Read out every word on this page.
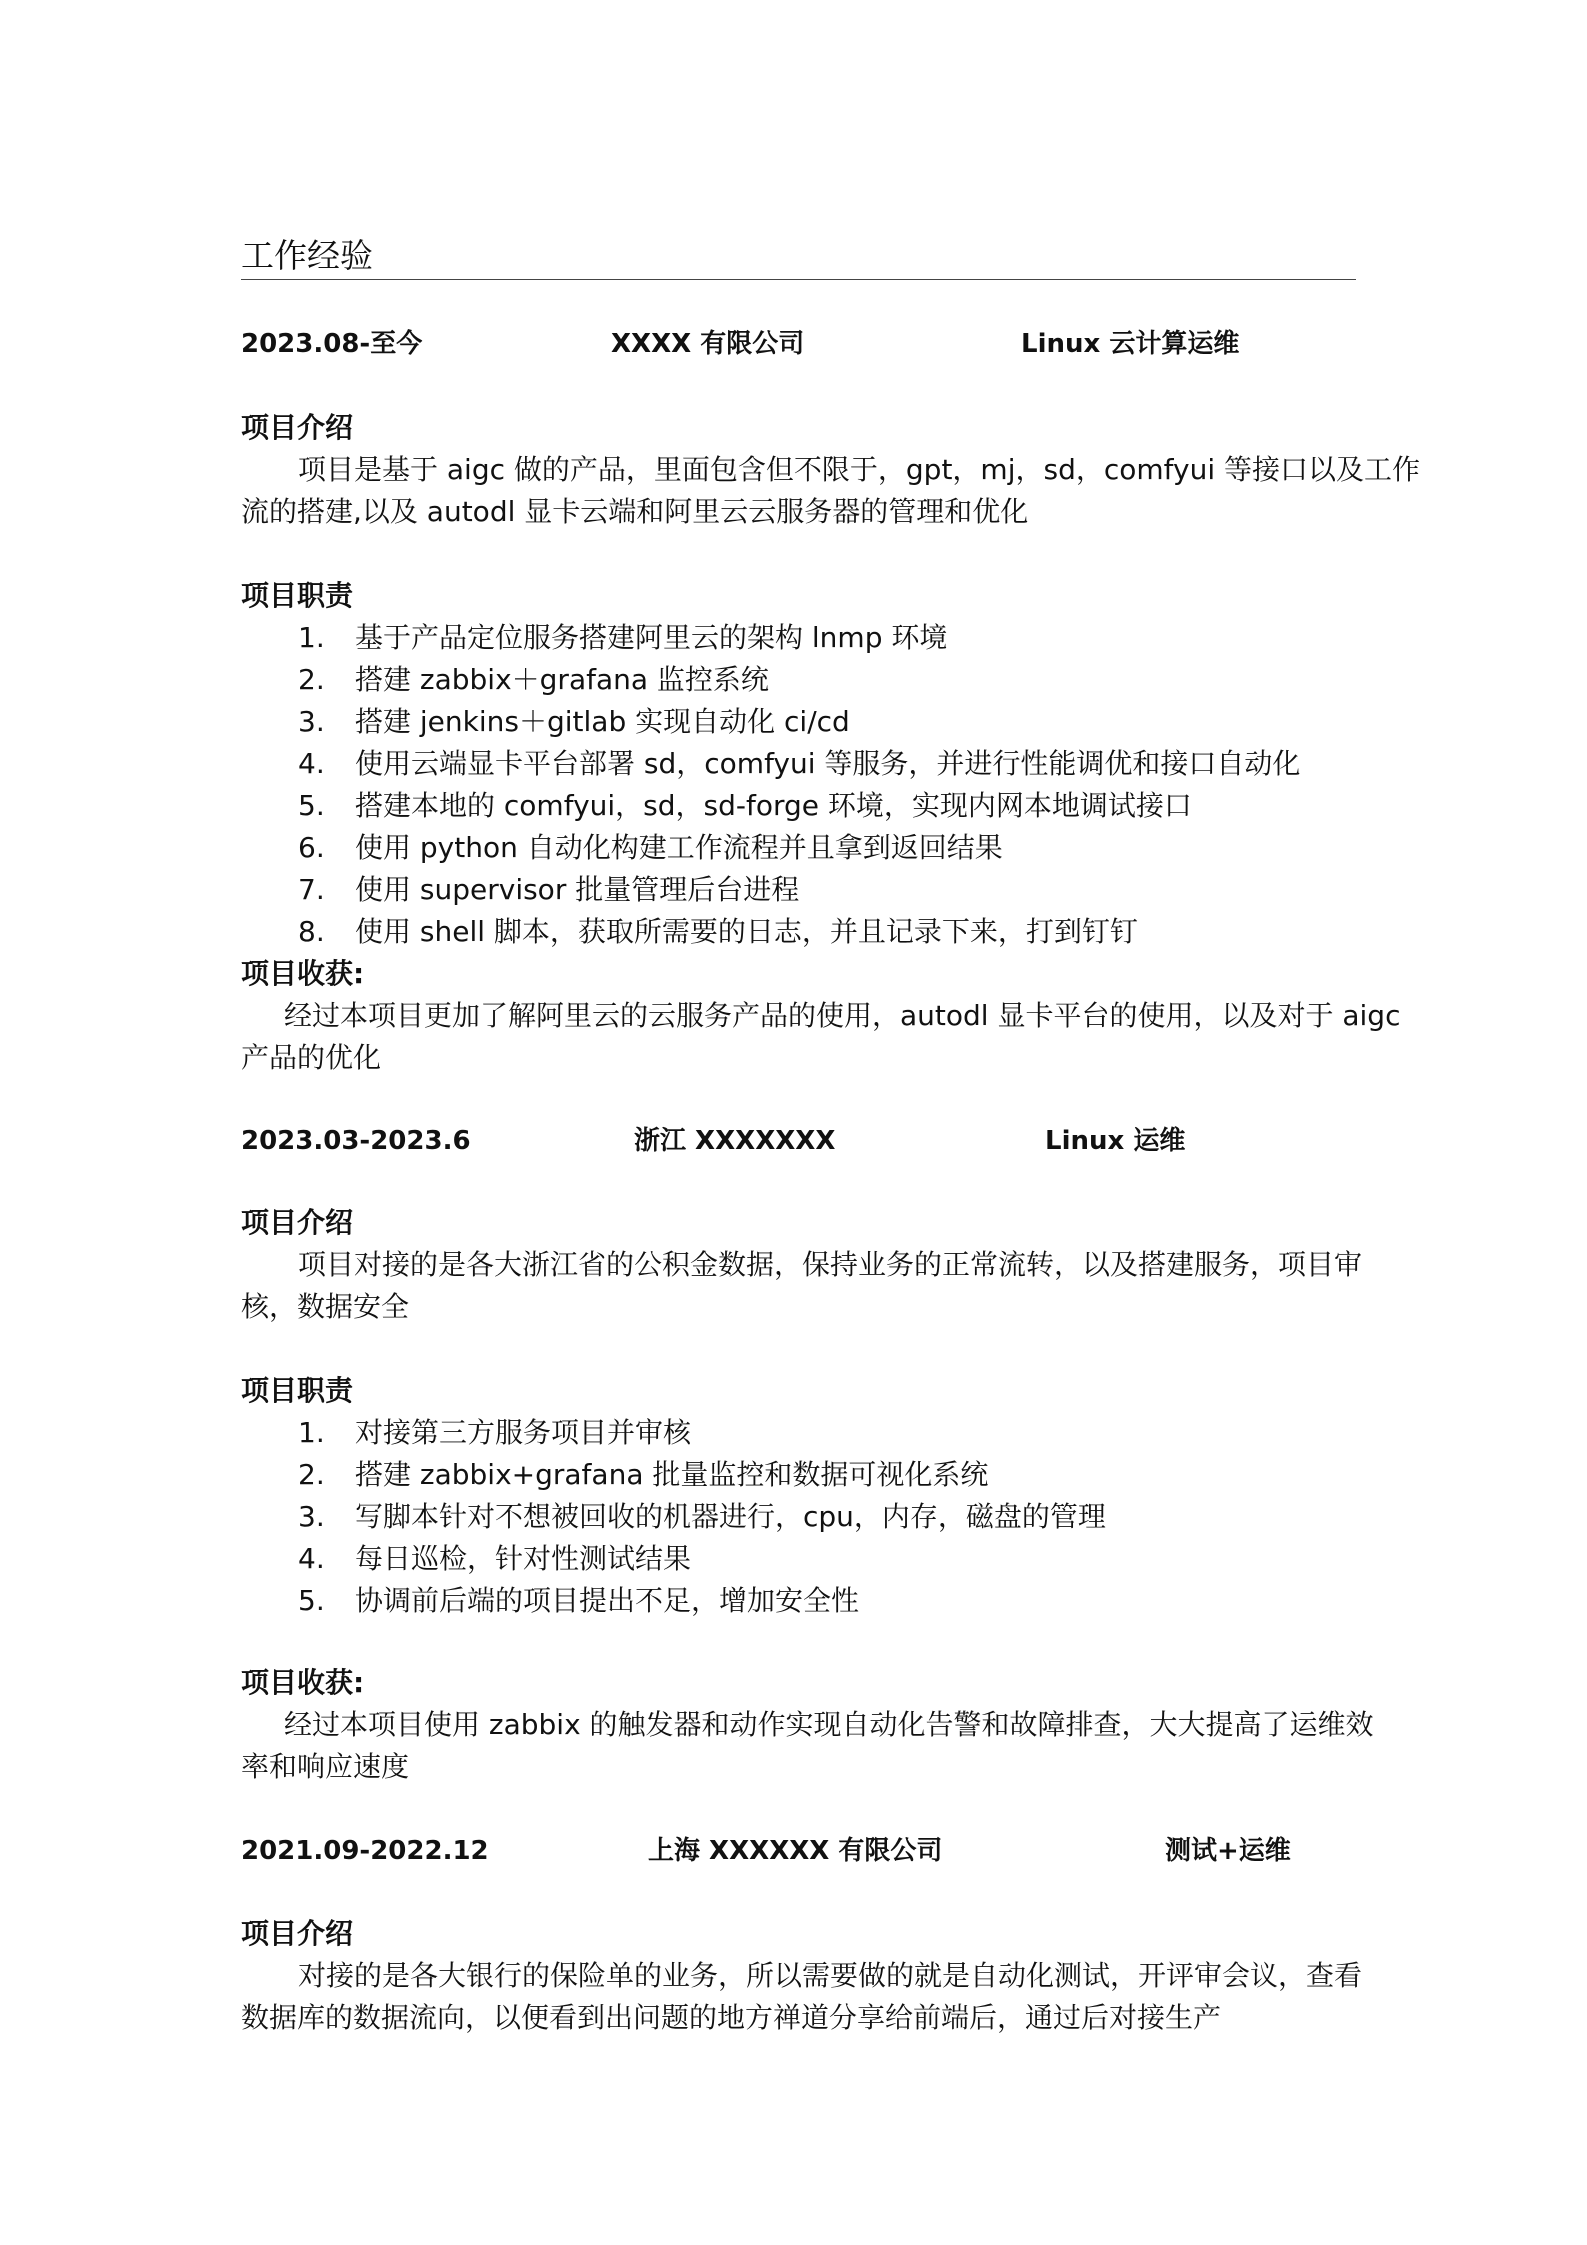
工作经验
2023.08-至今	XXXX 有限公司	Linux 云计算运维
项目介绍
项目是基于 aigc 做的产品，里面包含但不限于，gpt，mj，sd，comfyui 等接口以及工作
流的搭建,以及 autodl 显卡云端和阿里云云服务器的管理和优化
项目职责
1. 基于产品定位服务搭建阿里云的架构 lnmp 环境
2. 搭建 zabbix＋grafana 监控系统
3. 搭建 jenkins＋gitlab 实现自动化 ci/cd
4. 使用云端显卡平台部署 sd，comfyui 等服务，并进行性能调优和接口自动化
5. 搭建本地的 comfyui，sd，sd-forge 环境，实现内网本地调试接口
6. 使用 python 自动化构建工作流程并且拿到返回结果
7. 使用 supervisor 批量管理后台进程
8. 使用 shell 脚本，获取所需要的日志，并且记录下来，打到钉钉
项目收获:
经过本项目更加了解阿里云的云服务产品的使用，autodl 显卡平台的使用，以及对于 aigc
产品的优化
2023.03-2023.6	浙江 XXXXXXX	Linux 运维
项目介绍
项目对接的是各大浙江省的公积金数据，保持业务的正常流转，以及搭建服务，项目审
核，数据安全
项目职责
1. 对接第三方服务项目并审核
2. 搭建 zabbix+grafana 批量监控和数据可视化系统
3. 写脚本针对不想被回收的机器进行，cpu，内存，磁盘的管理
4. 每日巡检，针对性测试结果
5. 协调前后端的项目提出不足，增加安全性
项目收获:
经过本项目使用 zabbix 的触发器和动作实现自动化告警和故障排查，大大提高了运维效
率和响应速度
2021.09-2022.12	上海 XXXXXX 有限公司	测试+运维
项目介绍
对接的是各大银行的保险单的业务，所以需要做的就是自动化测试，开评审会议，查看
数据库的数据流向，以便看到出问题的地方禅道分享给前端后，通过后对接生产
